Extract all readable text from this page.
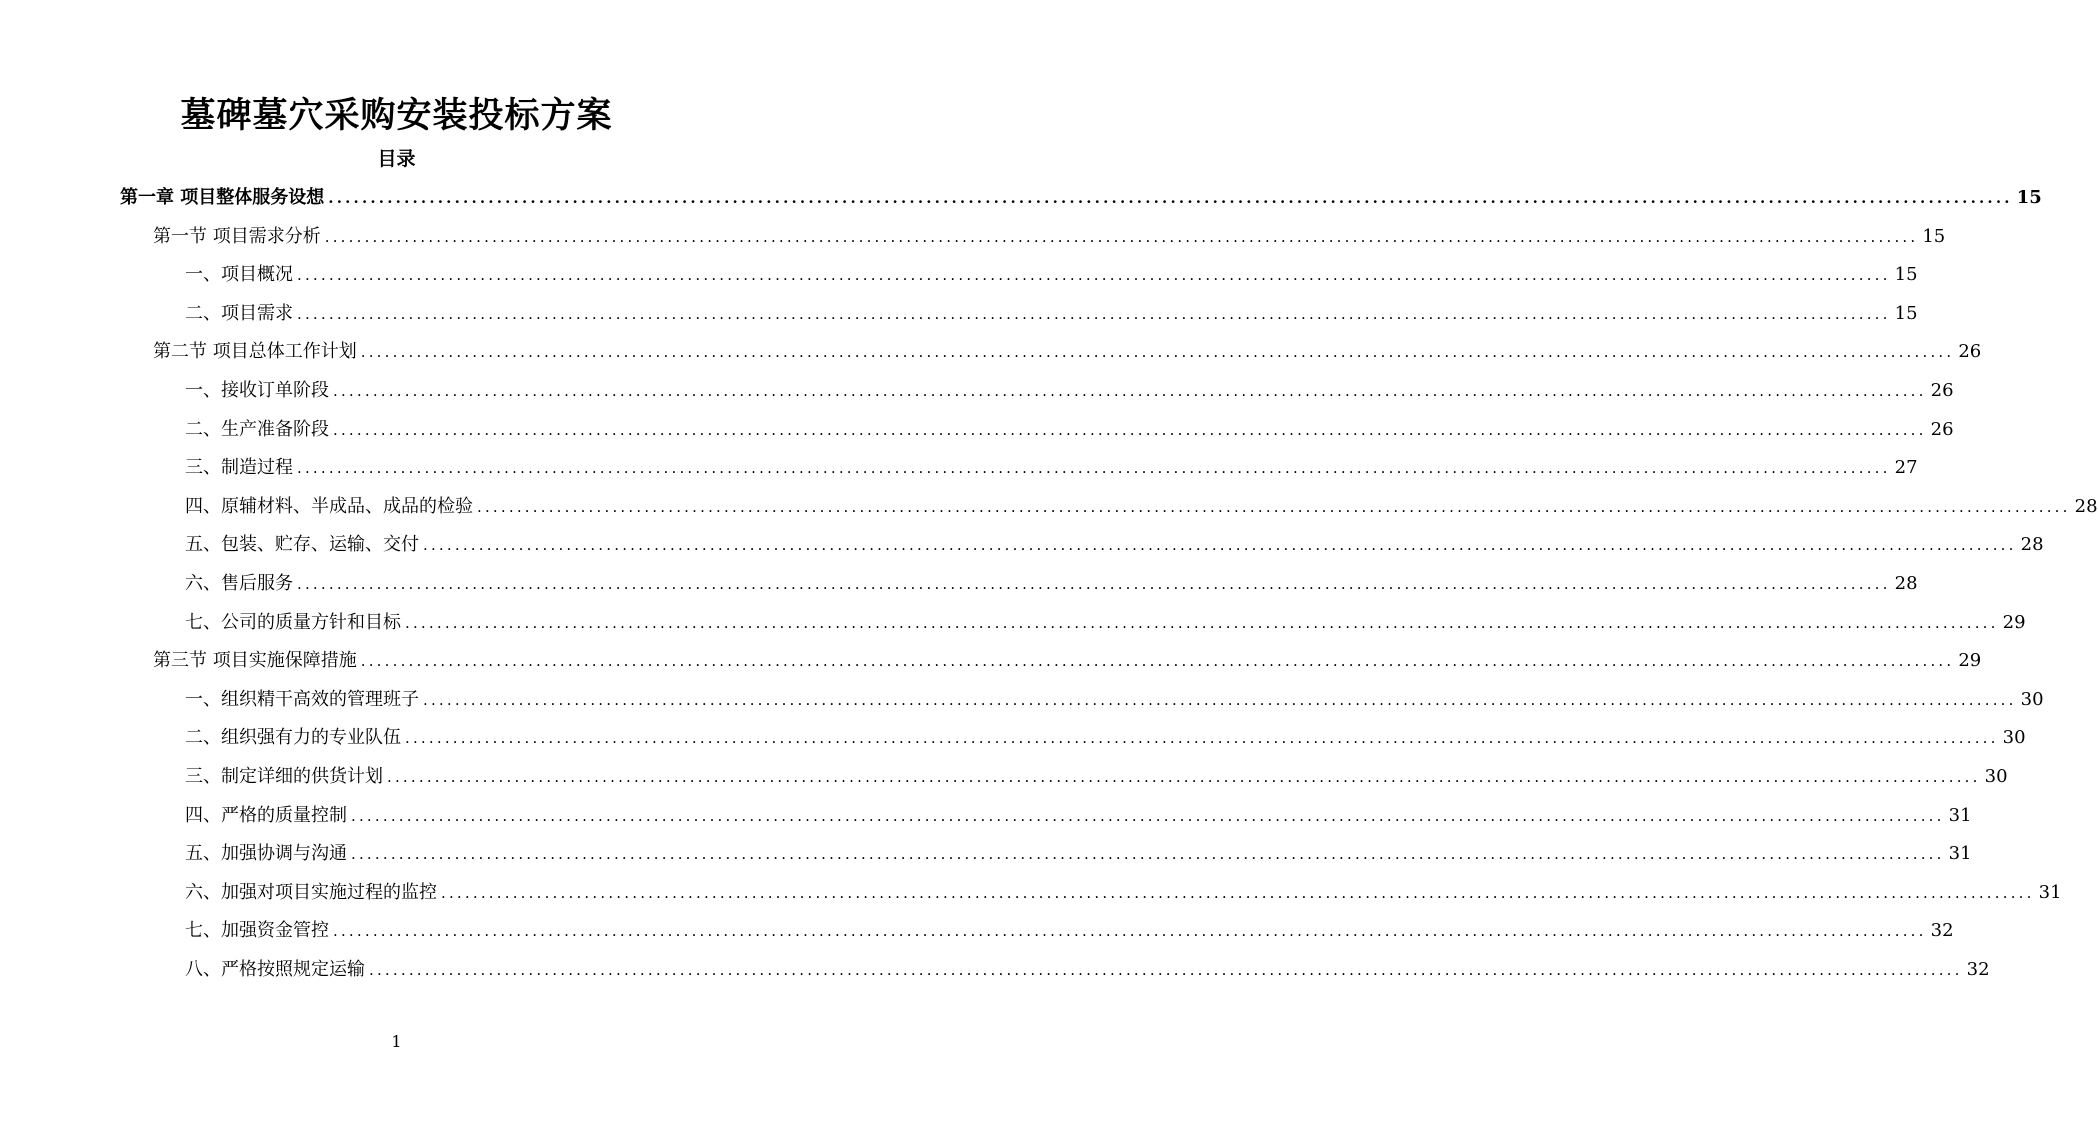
墓碑墓穴采购安装投标方案
目录
第一章 项目整体服务设想 ........................................................................................................................................................................................................ 15
第一节 项目需求分析 ........................................................................................................................................................................................................ 15
一、项目概况 ........................................................................................................................................................................................................ 15
二、项目需求 ........................................................................................................................................................................................................ 15
第二节 项目总体工作计划 ........................................................................................................................................................................................................ 26
一、接收订单阶段 ........................................................................................................................................................................................................ 26
二、生产准备阶段 ........................................................................................................................................................................................................ 26
三、制造过程 ........................................................................................................................................................................................................ 27
四、原辅材料、半成品、成品的检验 ........................................................................................................................................................................................................ 28
五、包装、贮存、运输、交付 ........................................................................................................................................................................................................ 28
六、售后服务 ........................................................................................................................................................................................................ 28
七、公司的质量方针和目标 ........................................................................................................................................................................................................ 29
第三节 项目实施保障措施 ........................................................................................................................................................................................................ 29
一、组织精干高效的管理班子 ........................................................................................................................................................................................................ 30
二、组织强有力的专业队伍 ........................................................................................................................................................................................................ 30
三、制定详细的供货计划 ........................................................................................................................................................................................................ 30
四、严格的质量控制 ........................................................................................................................................................................................................ 31
五、加强协调与沟通 ........................................................................................................................................................................................................ 31
六、加强对项目实施过程的监控 ........................................................................................................................................................................................................ 31
七、加强资金管控 ........................................................................................................................................................................................................ 32
八、严格按照规定运输 ........................................................................................................................................................................................................ 32
1
